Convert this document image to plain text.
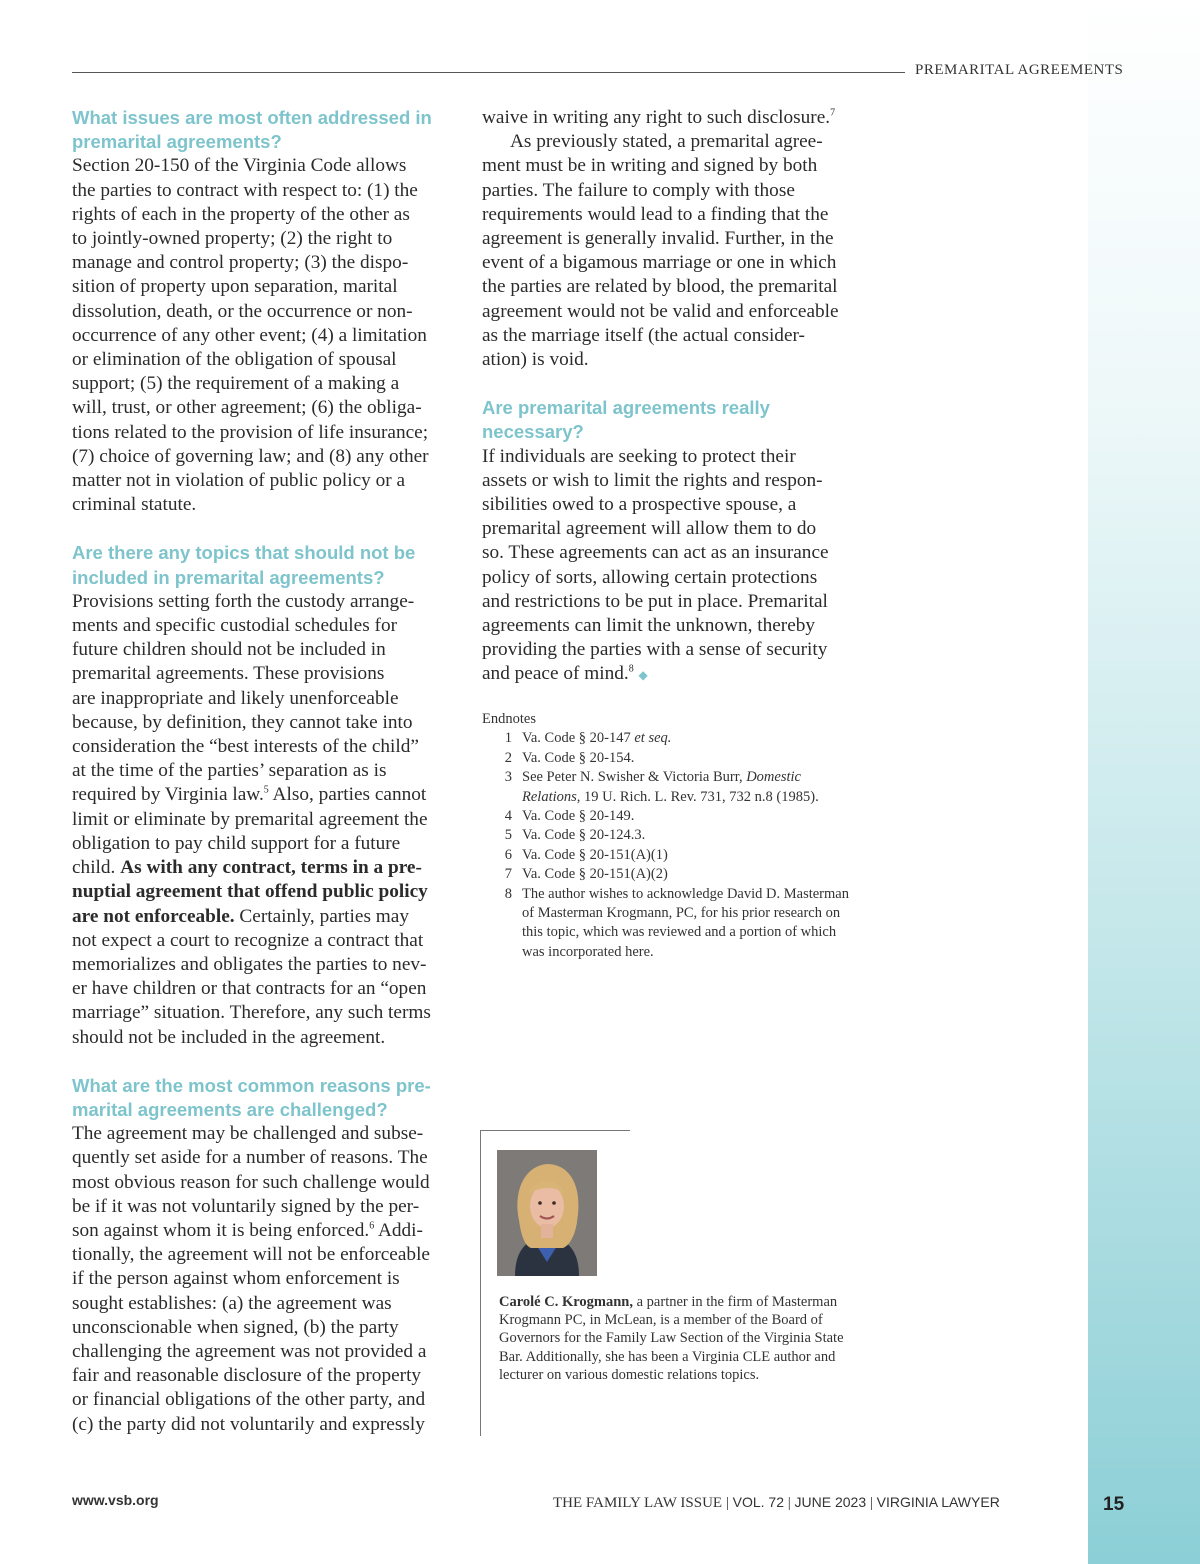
PREMARITAL AGREEMENTS
What issues are most often addressed in
premarital agreements?
Section 20-150 of the Virginia Code allows
the parties to contract with respect to: (1) the
rights of each in the property of the other as
to jointly-owned property; (2) the right to
manage and control property; (3) the dispo-
sition of property upon separation, marital
dissolution, death, or the occurrence or non-
occurrence of any other event; (4) a limitation
or elimination of the obligation of spousal
support; (5) the requirement of a making a
will, trust, or other agreement; (6) the obliga-
tions related to the provision of life insurance;
(7) choice of governing law; and (8) any other
matter not in violation of public policy or a
criminal statute.
Are there any topics that should not be
included in premarital agreements?
Provisions setting forth the custody arrange-
ments and specific custodial schedules for
future children should not be included in
premarital agreements. These provisions
are inappropriate and likely unenforceable
because, by definition, they cannot take into
consideration the “best interests of the child”
at the time of the parties’ separation as is
required by Virginia law.$^5$ Also, parties cannot
limit or eliminate by premarital agreement the
obligation to pay child support for a future
child. As with any contract, terms in a pre-
nuptial agreement that offend public policy
are not enforceable. Certainly, parties may
not expect a court to recognize a contract that
memorializes and obligates the parties to nev-
er have children or that contracts for an “open
marriage” situation. Therefore, any such terms
should not be included in the agreement.
What are the most common reasons pre-
marital agreements are challenged?
The agreement may be challenged and subse-
quently set aside for a number of reasons. The
most obvious reason for such challenge would
be if it was not voluntarily signed by the per-
son against whom it is being enforced.$^6$ Addi-
tionally, the agreement will not be enforceable
if the person against whom enforcement is
sought establishes: (a) the agreement was
unconscionable when signed, (b) the party
challenging the agreement was not provided a
fair and reasonable disclosure of the property
or financial obligations of the other party, and
(c) the party did not voluntarily and expressly
waive in writing any right to such disclosure.$^7$
As previously stated, a premarital agree-
ment must be in writing and signed by both
parties. The failure to comply with those
requirements would lead to a finding that the
agreement is generally invalid. Further, in the
event of a bigamous marriage or one in which
the parties are related by blood, the premarital
agreement would not be valid and enforceable
as the marriage itself (the actual consider-
ation) is void.
Are premarital agreements really
necessary?
If individuals are seeking to protect their
assets or wish to limit the rights and respon-
sibilities owed to a prospective spouse, a
premarital agreement will allow them to do
so. These agreements can act as an insurance
policy of sorts, allowing certain protections
and restrictions to be put in place. Premarital
agreements can limit the unknown, thereby
providing the parties with a sense of security
and peace of mind.$^8$ ◆
Endnotes
1 Va. Code § 20-147 et seq.
2 Va. Code § 20-154.
3 See Peter N. Swisher & Victoria Burr, Domestic Relations, 19 U. Rich. L. Rev. 731, 732 n.8 (1985).
4 Va. Code § 20-149.
5 Va. Code § 20-124.3.
6 Va. Code § 20-151(A)(1)
7 Va. Code § 20-151(A)(2)
8 The author wishes to acknowledge David D. Masterman of Masterman Krogmann, PC, for his prior research on this topic, which was reviewed and a portion of which was incorporated here.
Carolé C. Krogmann, a partner in the firm of Masterman Krogmann PC, in McLean, is a member of the Board of Governors for the Family Law Section of the Virginia State Bar. Additionally, she has been a Virginia CLE author and lecturer on various domestic relations topics.
www.vsb.org	THE FAMILY LAW ISSUE | VOL. 72 | JUNE 2023 | VIRGINIA LAWYER	15
